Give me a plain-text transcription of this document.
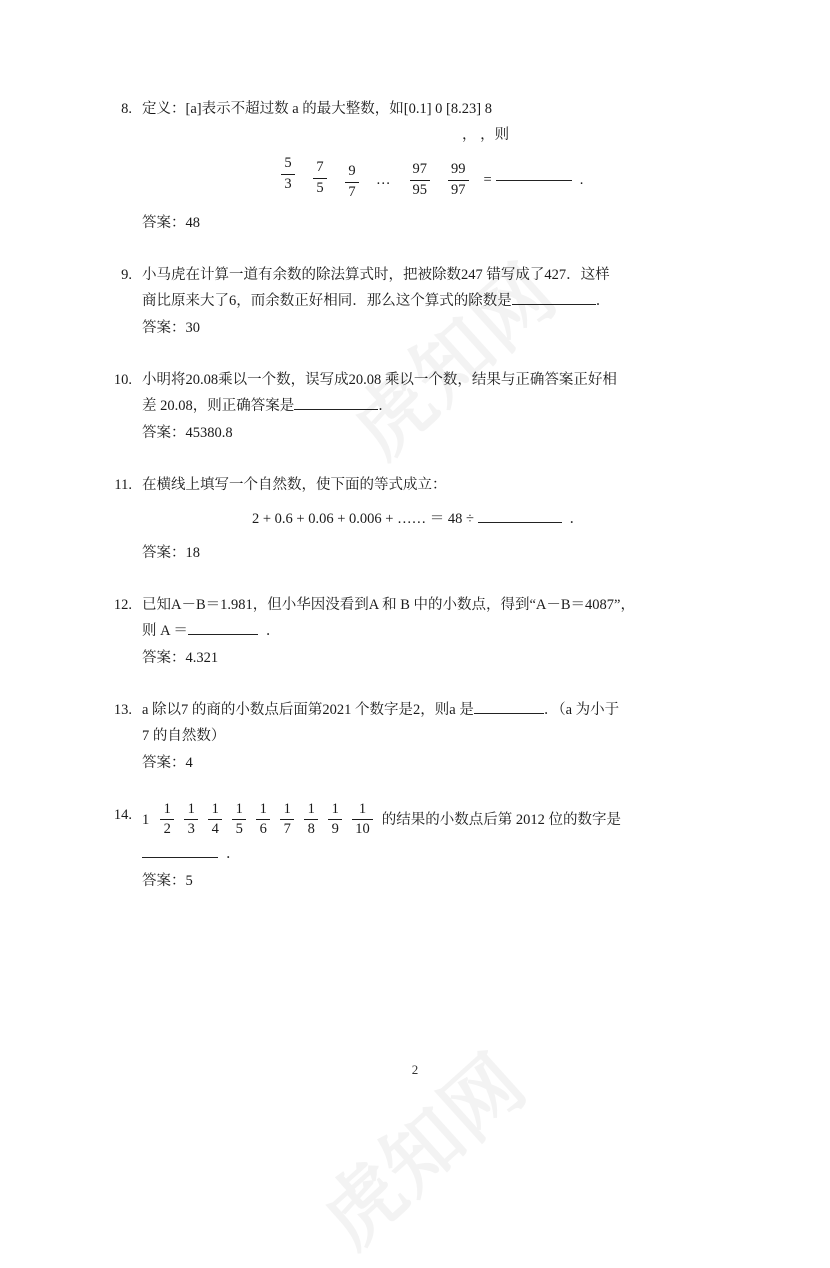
8. 定义：[a]表示不超过数 a 的最大整数，如[0.1] 0 [8.23] 8
， ，则
$\frac{5}{3} \frac{7}{5} \frac{9}{7}$ … $\frac{97}{95} \frac{99}{97}$ =	.
答案：48
9. 小马虎在计算一道有余数的除法算式时，把被除数247 错写成了427．这样
商比原来大了6，而余数正好相同．那么这个算式的除数是	．
答案：30
10. 小明将20.08乘以一个数，误写成20.08 乘以一个数，结果与正确答案正好相
差 20.08，则正确答案是	．
答案：45380.8
11. 在横线上填写一个自然数，使下面的等式成立：
2 + 0.6 + 0.06 + 0.006 + …… ＝ 48 ÷	．
答案：18
12. 已知A－B＝1.981，但小华因没看到A 和 B 中的小数点，得到“A－B＝4087”，
则 A ＝	．
答案：4.321
13. a 除以7 的商的小数点后面第2021 个数字是2，则a 是	．（a 为小于
7 的自然数）
答案：4
14. $1 \frac{1}{2} \frac{1}{3} \frac{1}{4} \frac{1}{5} \frac{1}{6} \frac{1}{7} \frac{1}{8} \frac{1}{9} \frac{1}{10}$ 的结果的小数点后第 2012 位的数字是
．
答案：5
2
